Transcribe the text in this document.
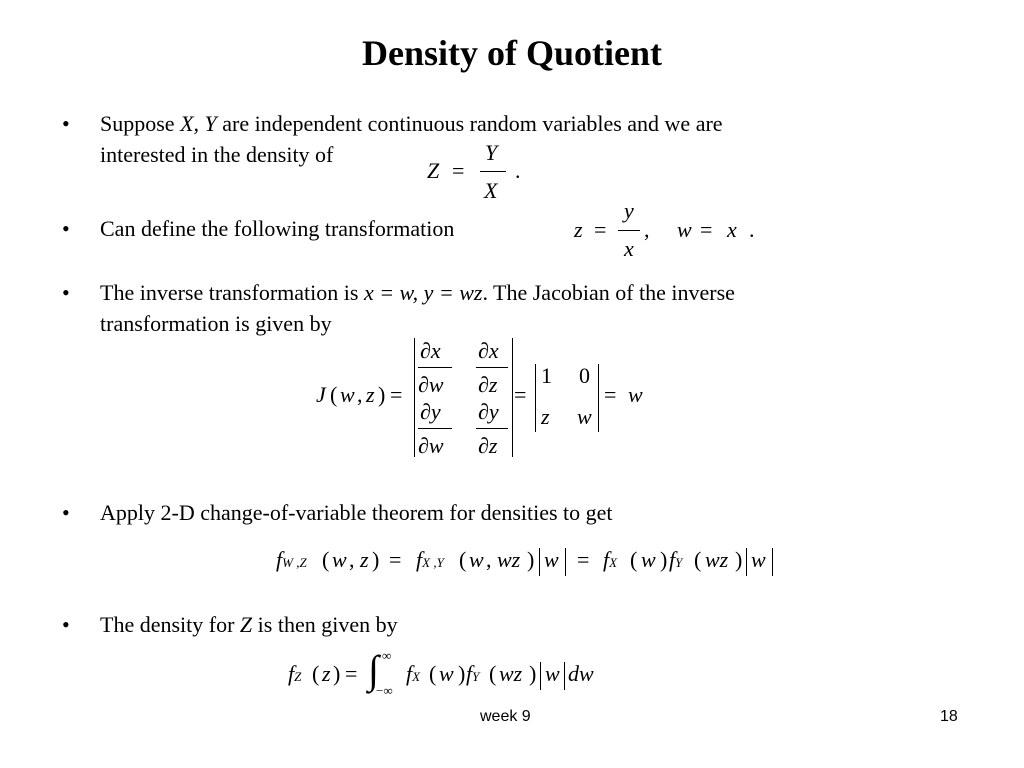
Density of Quotient
• Suppose X, Y are independent continuous random variables and we are
interested in the density of
Z =
Y
X
.
• Can define the following transformation	z =
y
x
, w = x .
• The inverse transformation is x = w, y = wz. The Jacobian of the inverse
transformation is given by
J ( w , z ) =
∂x
∂w
∂x
∂z
∂y
∂w
∂y
∂z
=
1 0
z w
= w
• Apply 2-D change-of-variable theorem for densities to get
fW ,Z ( w , z ) = fX ,Y ( w , wz ) w = fX ( w ) fY ( wz ) w
• The density for Z is then given by
fZ ( z ) = ∫ ∞
−∞
fX ( w ) fY ( wz ) w dw
week 9	18
